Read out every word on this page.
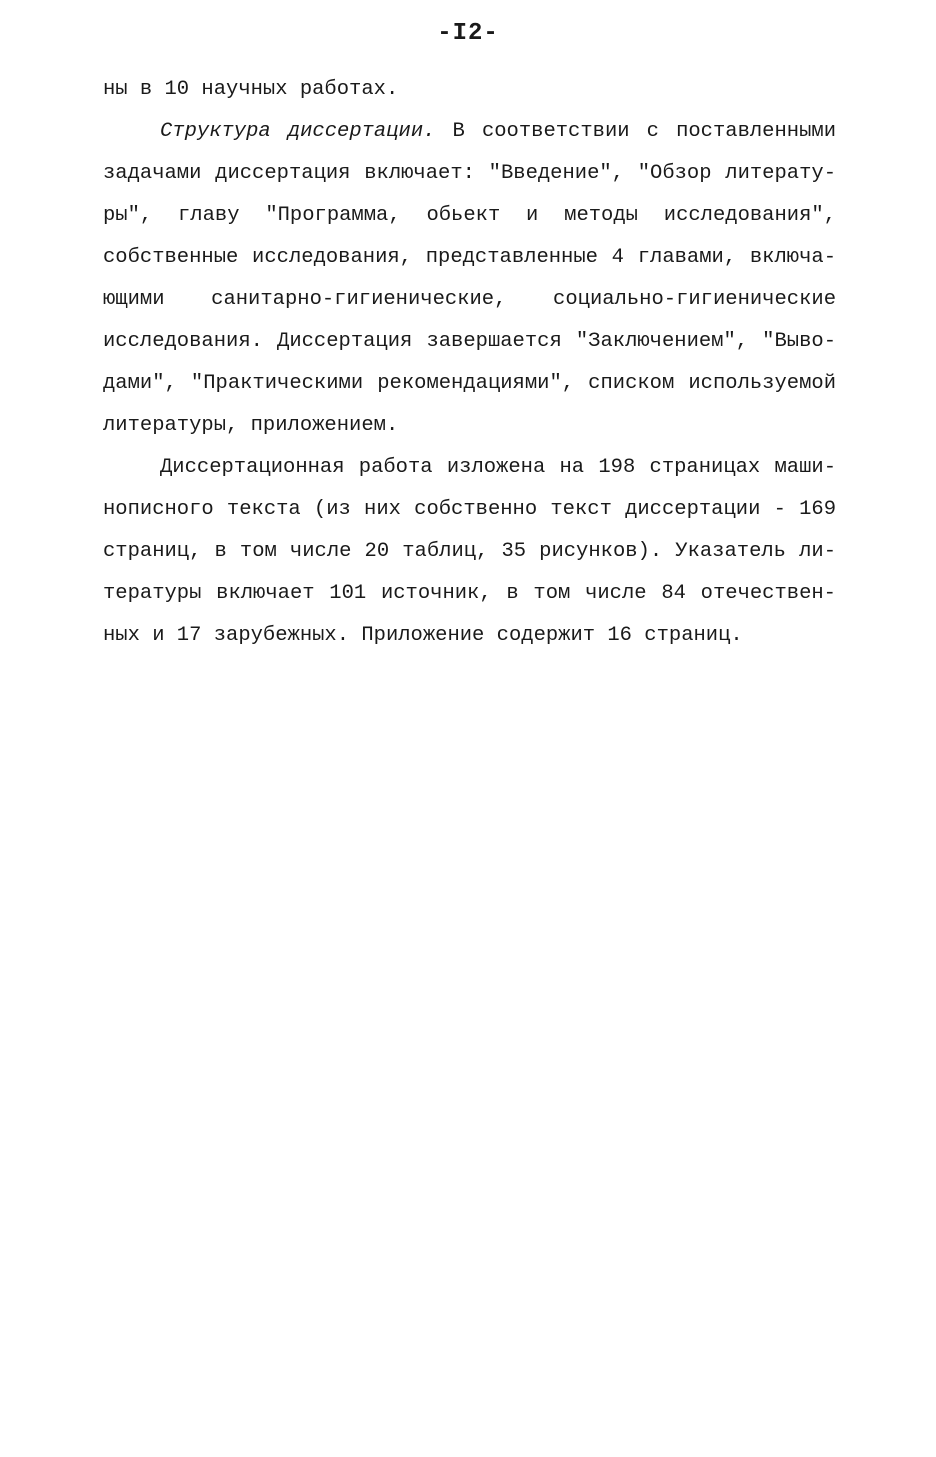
-I2-
ны в 10 научных работах.
Структура диссертации. В соответствии с поставленными
задачами диссертация включает: "Введение", "Обзор литерату-
ры", главу "Программа, обьект и методы исследования",
собственные исследования, представленные 4 главами, включа-
ющими санитарно-гигиенические, социально-гигиенические
исследования. Диссертация завершается "Заключением", "Выво-
дами", "Практическими рекомендациями", списком используемой
литературы, приложением.
Диссертационная работа изложена на 198 страницах маши-
нописного текста (из них собственно текст диссертации - 169
страниц, в том числе 20 таблиц, 35 рисунков). Указатель ли-
тературы включает 101 источник, в том числе 84 отечествен-
ных и 17 зарубежных. Приложение содержит 16 страниц.
